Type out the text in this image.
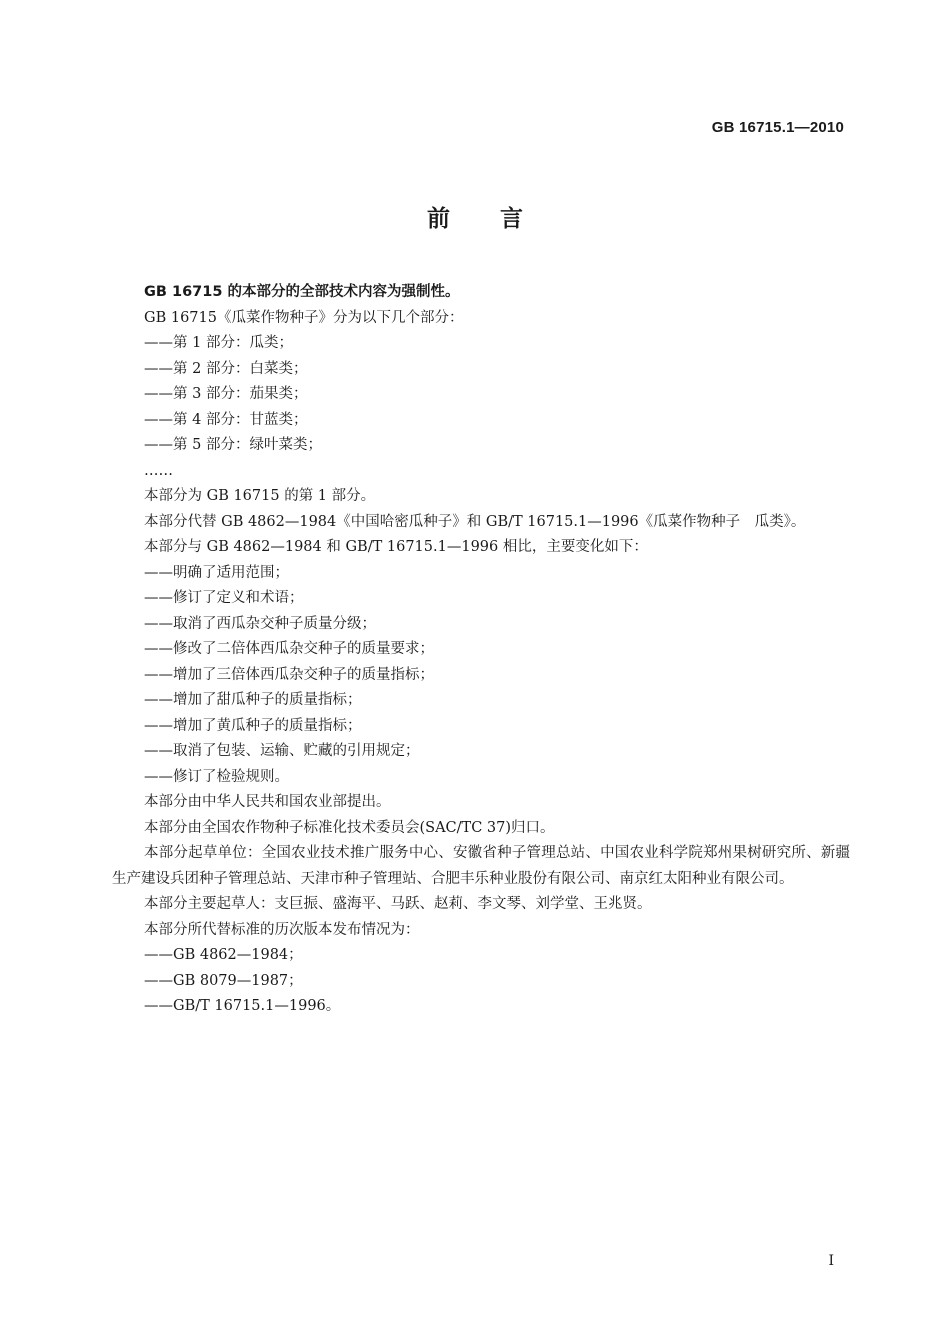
GB 16715.1—2010
前言

GB 16715 的本部分的全部技术内容为强制性。

GB 16715《瓜菜作物种子》分为以下几个部分：

——第 1 部分：瓜类；

——第 2 部分：白菜类；

——第 3 部分：茄果类；

——第 4 部分：甘蓝类；

——第 5 部分：绿叶菜类；

……

本部分为 GB 16715 的第 1 部分。

本部分代替 GB 4862—1984《中国哈密瓜种子》和 GB/T 16715.1—1996《瓜菜作物种子　瓜类》。

本部分与 GB 4862—1984 和 GB/T 16715.1—1996 相比，主要变化如下：

——明确了适用范围；

——修订了定义和术语；

——取消了西瓜杂交种子质量分级；

——修改了二倍体西瓜杂交种子的质量要求；

——增加了三倍体西瓜杂交种子的质量指标；

——增加了甜瓜种子的质量指标；

——增加了黄瓜种子的质量指标；

——取消了包装、运输、贮藏的引用规定；

——修订了检验规则。

本部分由中华人民共和国农业部提出。

本部分由全国农作物种子标准化技术委员会(SAC/TC 37)归口。

本部分起草单位：全国农业技术推广服务中心、安徽省种子管理总站、中国农业科学院郑州果树研究所、新疆生产建设兵团种子管理总站、天津市种子管理站、合肥丰乐种业股份有限公司、南京红太阳种业有限公司。

本部分主要起草人：支巨振、盛海平、马跃、赵莉、李文琴、刘学堂、王兆贤。

本部分所代替标准的历次版本发布情况为：

——GB 4862—1984；

——GB 8079—1987；

——GB/T 16715.1—1996。

I
